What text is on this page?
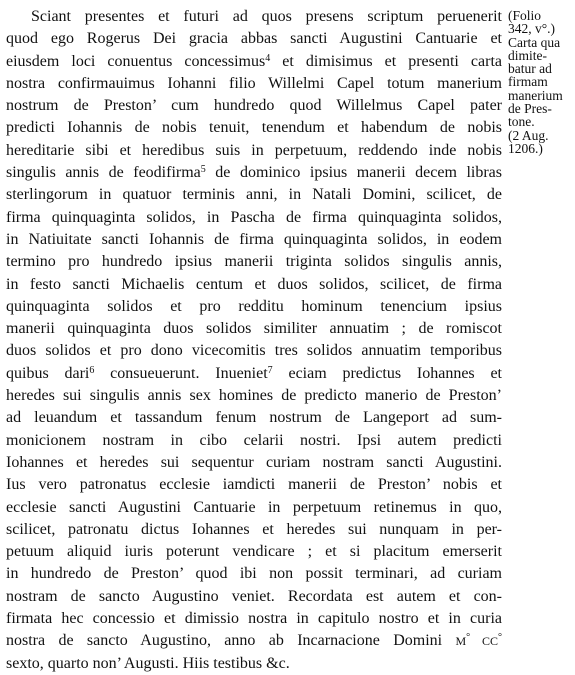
Sciant presentes et futuri ad quos presens scriptum peruenerit
quod ego Rogerus Dei gracia abbas sancti Augustini Cantuarie et
eiusdem loci conuentus concessimus$^4$ et dimisimus et presenti carta
nostra confirmauimus Iohanni filio Willelmi Capel totum manerium
nostrum de Preston’ cum hundredo quod Willelmus Capel pater
predicti Iohannis de nobis tenuit, tenendum et habendum de nobis
hereditarie sibi et heredibus suis in perpetuum, reddendo inde nobis
singulis annis de feodifirma$^5$ de dominico ipsius manerii decem libras
sterlingorum in quatuor terminis anni, in Natali Domini, scilicet, de
firma quinquaginta solidos, in Pascha de firma quinquaginta solidos,
in Natiuitate sancti Iohannis de firma quinquaginta solidos, in eodem
termino pro hundredo ipsius manerii triginta solidos singulis annis,
in festo sancti Michaelis centum et duos solidos, scilicet, de firma
quinquaginta solidos et pro redditu hominum tenencium ipsius
manerii quinquaginta duos solidos similiter annuatim ; de romiscot
duos solidos et pro dono vicecomitis tres solidos annuatim temporibus
quibus dari$^6$ consueuerunt. Inueniet$^7$ eciam predictus Iohannes et
heredes sui singulis annis sex homines de predicto manerio de Preston’
ad leuandum et tassandum fenum nostrum de Langeport ad sum-
monicionem nostram in cibo celarii nostri. Ipsi autem predicti
Iohannes et heredes sui sequentur curiam nostram sancti Augustini.
Ius vero patronatus ecclesie iamdicti manerii de Preston’ nobis et
ecclesie sancti Augustini Cantuarie in perpetuum retinemus in quo,
scilicet, patronatu dictus Iohannes et heredes sui nunquam in per-
petuum aliquid iuris poterunt vendicare ; et si placitum emerserit
in hundredo de Preston’ quod ibi non possit terminari, ad curiam
nostram de sancto Augustino veniet. Recordata est autem et con-
firmata hec concessio et dimissio nostra in capitulo nostro et in curia
nostra de sancto Augustino, anno ab Incarnacione Domini M° CC°
sexto, quarto non’ Augusti. Hiis testibus &c.
(Folio
342, v°.)
Carta qua
dimite-
batur ad
firmam
manerium
de Pres-
tone.
(2 Aug.
1206.)
